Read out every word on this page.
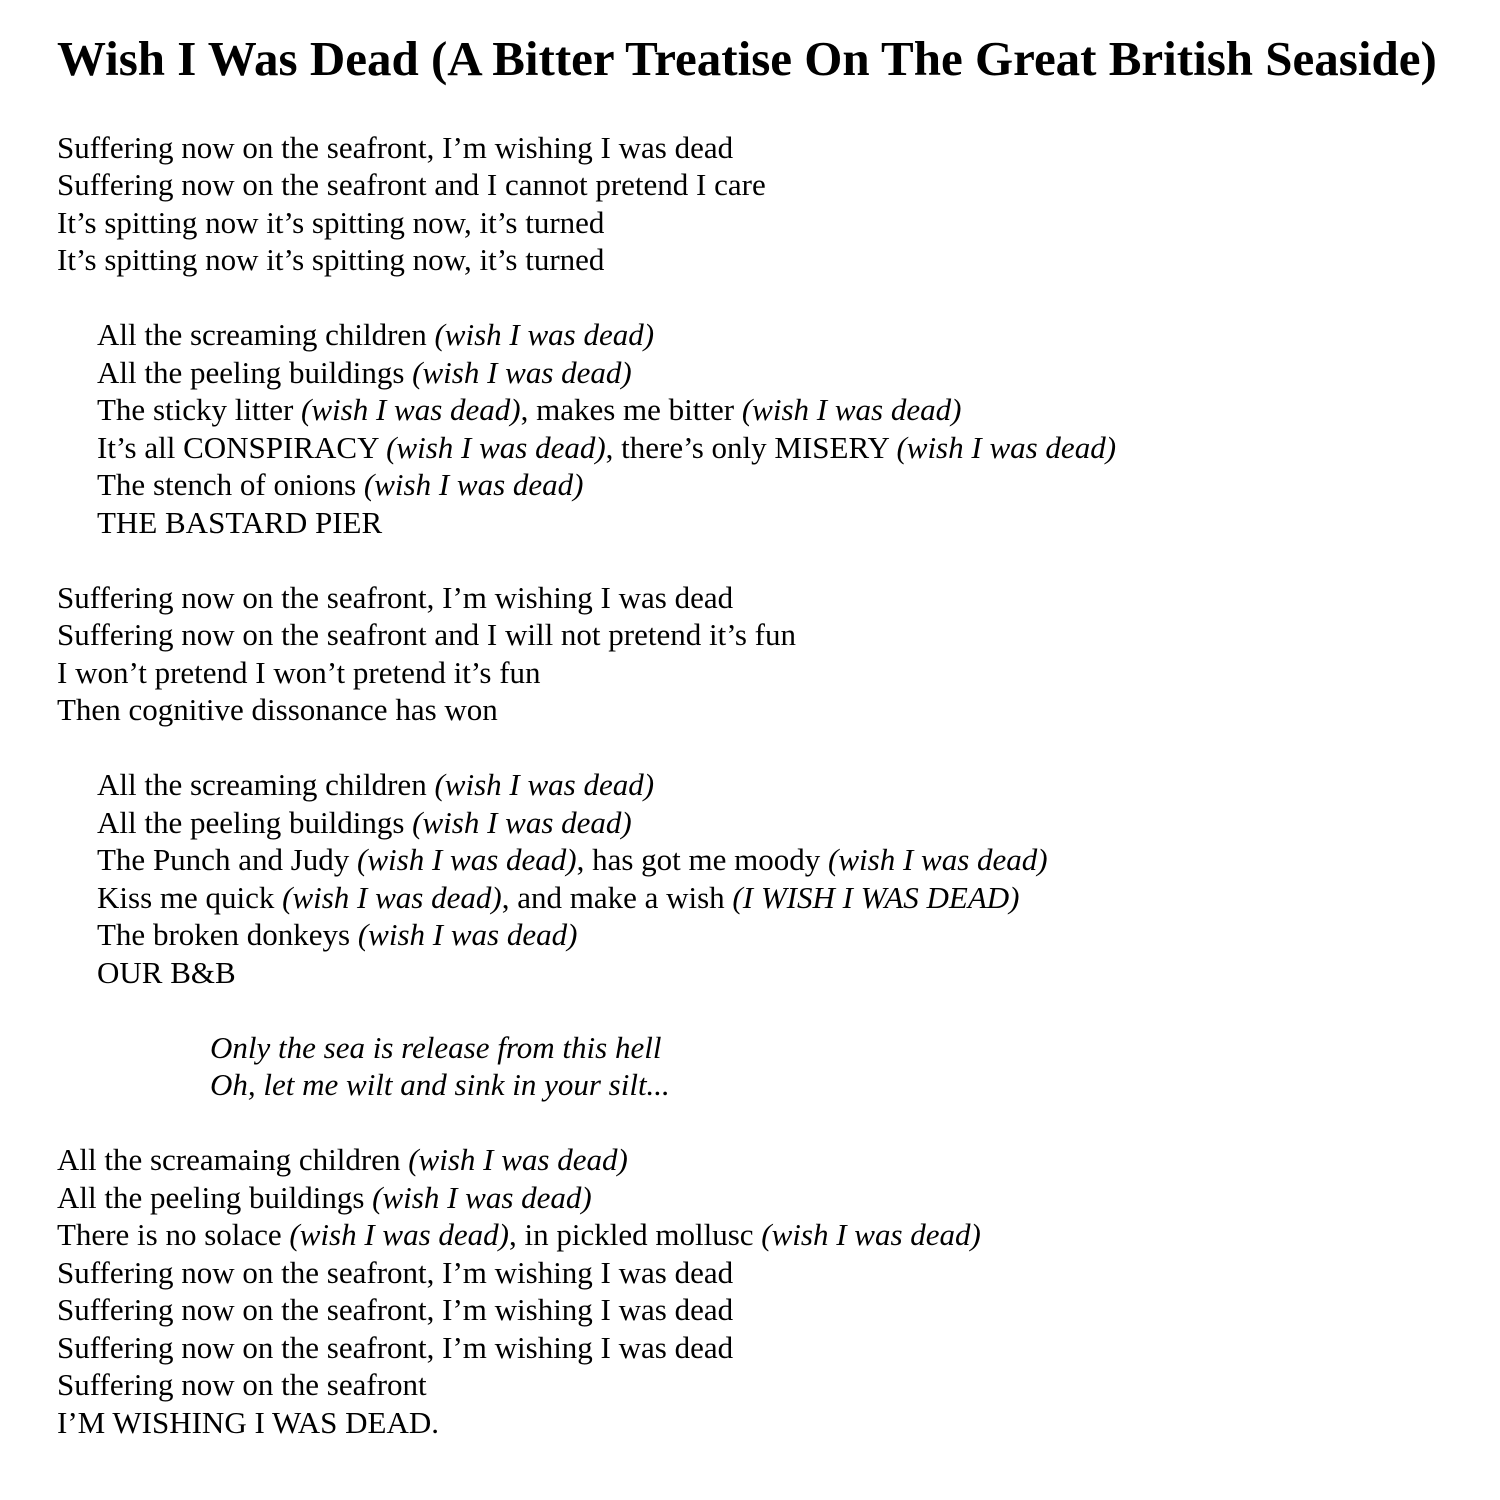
Wish I Was Dead (A Bitter Treatise On The Great British Seaside)

Suffering now on the seafront, I’m wishing I was dead

Suffering now on the seafront and I cannot pretend I care

It’s spitting now it’s spitting now, it’s turned

It’s spitting now it’s spitting now, it’s turned

All the screaming children (wish I was dead)

All the peeling buildings (wish I was dead)

The sticky litter (wish I was dead), makes me bitter (wish I was dead)

It’s all CONSPIRACY (wish I was dead), there’s only MISERY (wish I was dead)

The stench of onions (wish I was dead)

THE BASTARD PIER

Suffering now on the seafront, I’m wishing I was dead

Suffering now on the seafront and I will not pretend it’s fun

I won’t pretend I won’t pretend it’s fun

Then cognitive dissonance has won

All the screaming children (wish I was dead)

All the peeling buildings (wish I was dead)

The Punch and Judy (wish I was dead), has got me moody (wish I was dead)

Kiss me quick (wish I was dead), and make a wish (I WISH I WAS DEAD)

The broken donkeys (wish I was dead)

OUR B&B

Only the sea is release from this hell

Oh, let me wilt and sink in your silt...

All the screamaing children (wish I was dead)

All the peeling buildings (wish I was dead)

There is no solace (wish I was dead), in pickled mollusc (wish I was dead)

Suffering now on the seafront, I’m wishing I was dead

Suffering now on the seafront, I’m wishing I was dead

Suffering now on the seafront, I’m wishing I was dead

Suffering now on the seafront

I’M WISHING I WAS DEAD.
